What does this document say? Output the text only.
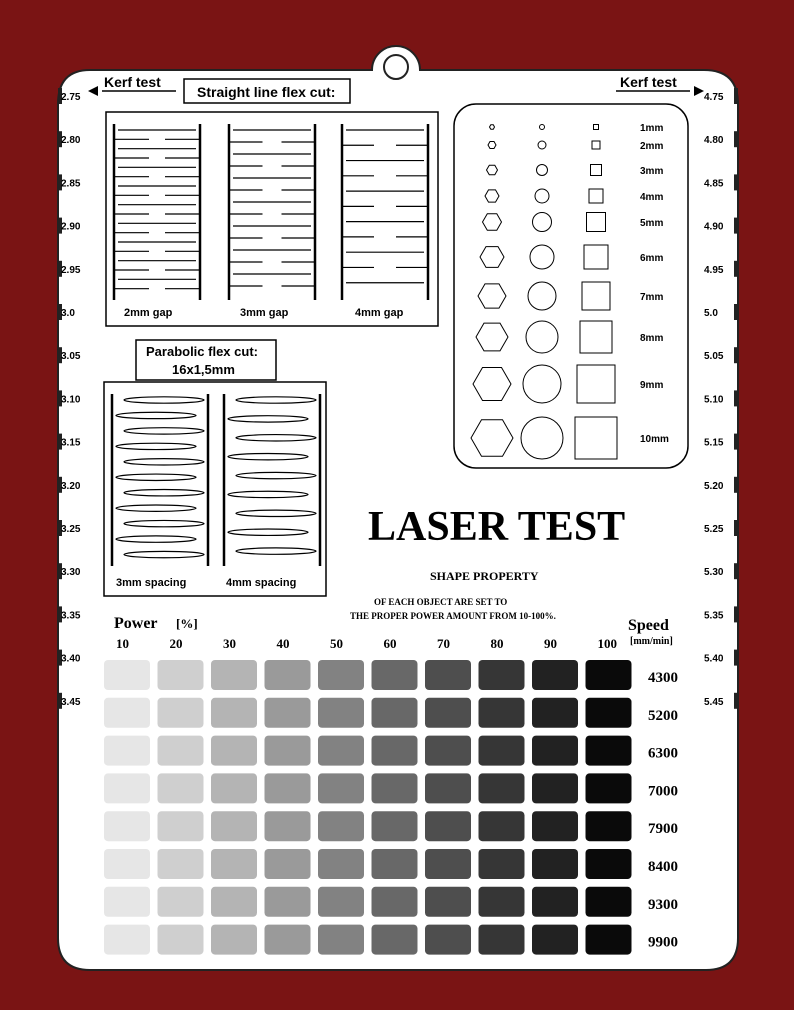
Kerf test	Kerf test
2.75
2.80
2.85
2.90
2.95
3.0
3.05
3.10
3.15
3.20
3.25
3.30
3.35
3.40
3.45
4.75
4.80
4.85
4.90
4.95
5.0
5.05
5.10
5.15
5.20
5.25
5.30
5.35
5.40
5.45
Straight line flex cut:
2mm gap	3mm gap	4mm gap
Parabolic flex cut:
16x1,5mm
3mm spacing	4mm spacing
1mm
2mm
3mm
4mm
5mm
6mm
7mm
8mm
9mm
10mm
LASER TEST
SHAPE PROPERTY
OF EACH OBJECT ARE SET TO
THE PROPER POWER AMOUNT FROM 10-100%.
Power [%]	Speed
[mm/min]
10	20	30	40	50	60	70	80	90	100
4300
5200
6300
7000
7900
8400
9300
9900
